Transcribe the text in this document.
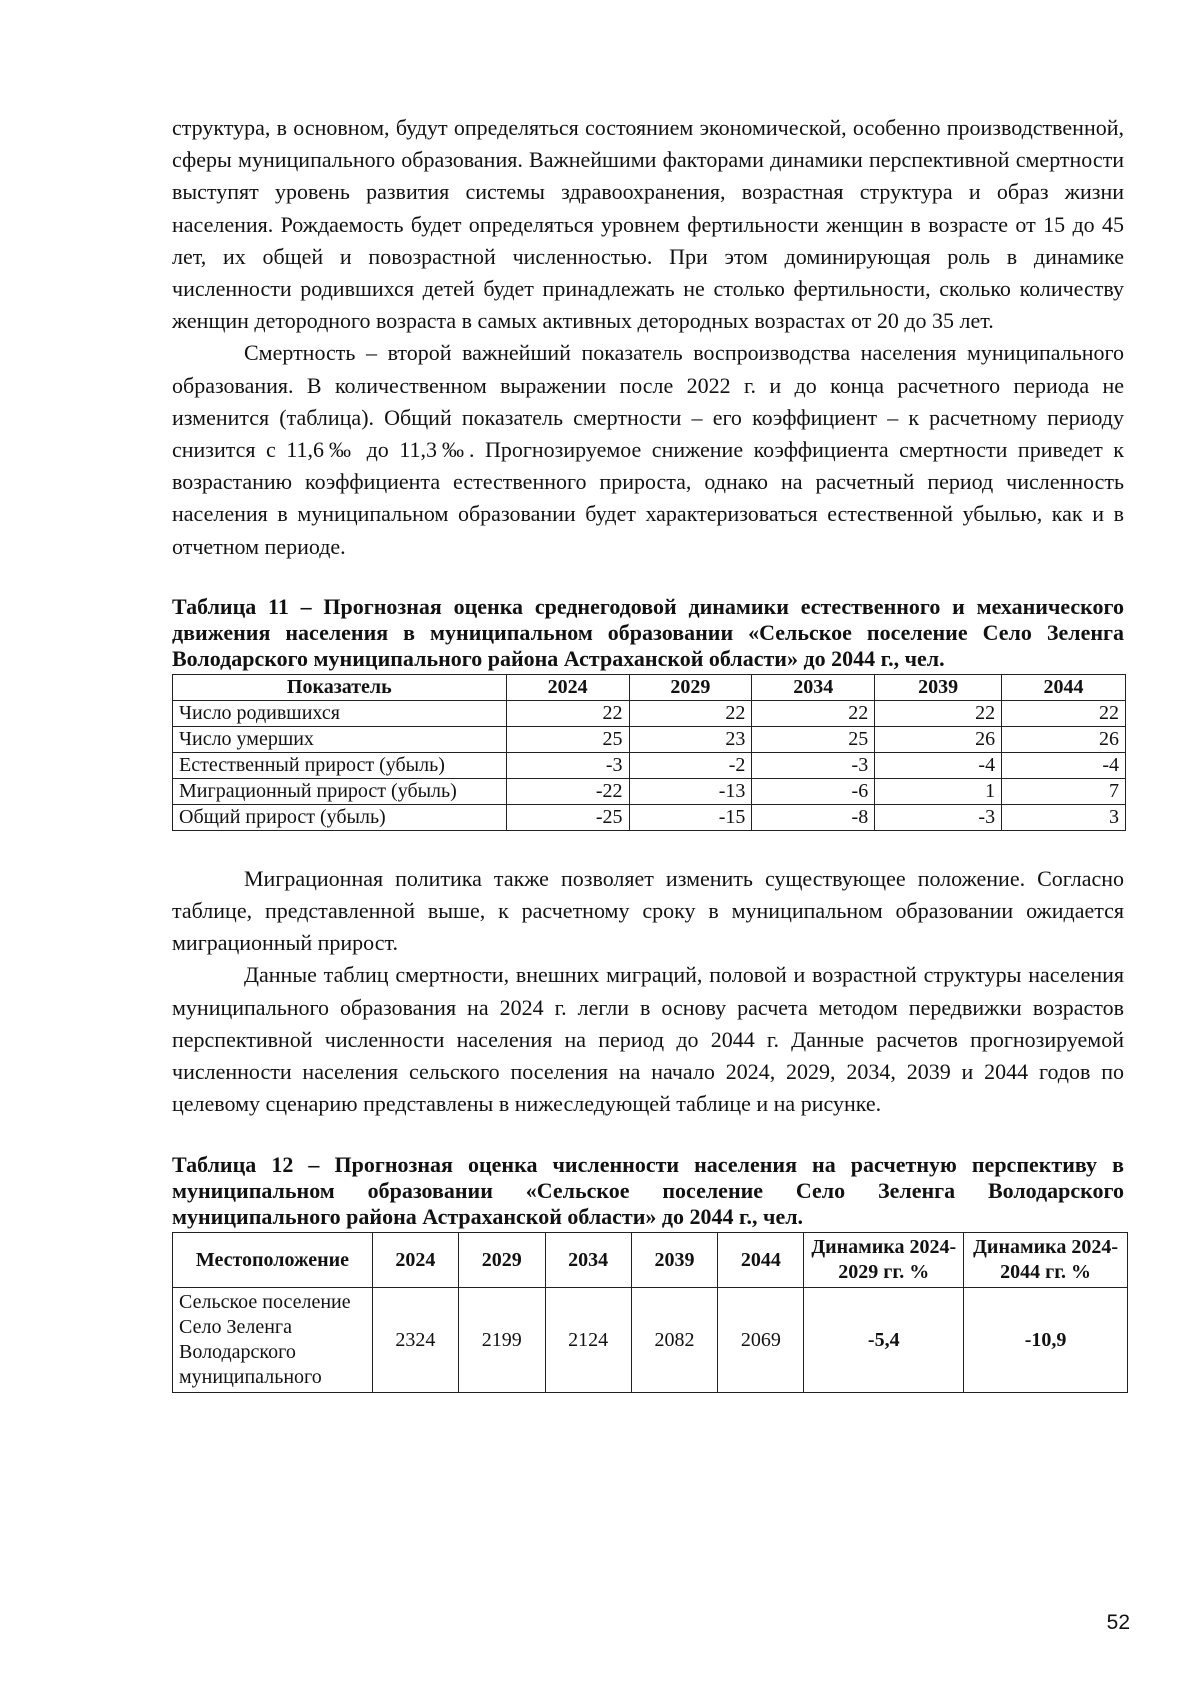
структура, в основном, будут определяться состоянием экономической, особенно производственной, сферы муниципального образования. Важнейшими факторами динамики перспективной смертности выступят уровень развития системы здравоохранения, возрастная структура и образ жизни населения. Рождаемость будет определяться уровнем фертильности женщин в возрасте от 15 до 45 лет, их общей и повозрастной численностью. При этом доминирующая роль в динамике численности родившихся детей будет принадлежать не столько фертильности, сколько количеству женщин детородного возраста в самых активных детородных возрастах от 20 до 35 лет.

Смертность – второй важнейший показатель воспроизводства населения муниципального образования. В количественном выражении после 2022 г. и до конца расчетного периода не изменится (таблица). Общий показатель смертности – его коэффициент – к расчетному периоду снизится с 11,6‰ до 11,3‰. Прогнозируемое снижение коэффициента смертности приведет к возрастанию коэффициента естественного прироста, однако на расчетный период численность населения в муниципальном образовании будет характеризоваться естественной убылью, как и в отчетном периоде.

Таблица 11 – Прогнозная оценка среднегодовой динамики естественного и механического движения населения в муниципальном образовании «Сельское поселение Село Зеленга Володарского муниципального района Астраханской области» до 2044 г., чел.

Показатель	2024	2029	2034	2039	2044
Число родившихся	22	22	22	22	22
Число умерших	25	23	25	26	26
Естественный прирост (убыль)	-3	-2	-3	-4	-4
Миграционный прирост (убыль)	-22	-13	-6	1	7
Общий прирост (убыль)	-25	-15	-8	-3	3

Миграционная политика также позволяет изменить существующее положение. Согласно таблице, представленной выше, к расчетному сроку в муниципальном образовании ожидается миграционный прирост.

Данные таблиц смертности, внешних миграций, половой и возрастной структуры населения муниципального образования на 2024 г. легли в основу расчета методом передвижки возрастов перспективной численности населения на период до 2044 г. Данные расчетов прогнозируемой численности населения сельского поселения на начало 2024, 2029, 2034, 2039 и 2044 годов по целевому сценарию представлены в нижеследующей таблице и на рисунке.

Таблица 12 – Прогнозная оценка численности населения на расчетную перспективу в муниципальном образовании «Сельское поселение Село Зеленга Володарского муниципального района Астраханской области» до 2044 г., чел.

Местоположение	2024	2029	2034	2039	2044	Динамика 2024-2029 гг. %	Динамика 2024-2044 гг. %
Сельское поселение Село Зеленга Володарского муниципального	2324	2199	2124	2082	2069	-5,4	-10,9
52
